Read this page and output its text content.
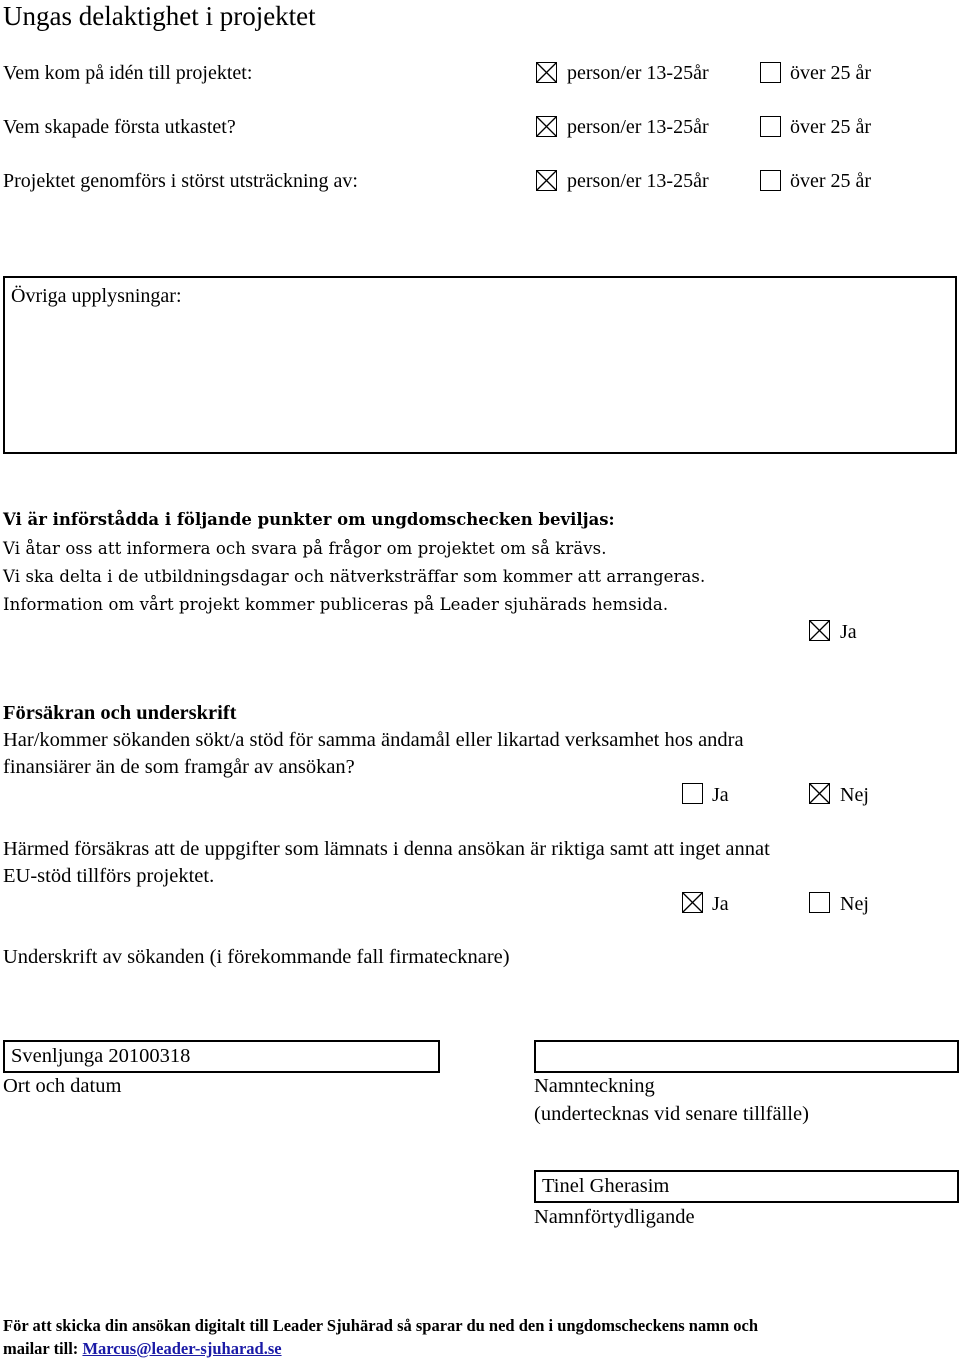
Ungas delaktighet i projektet
Vem kom på idén till projektet:	person/er 13-25år	över 25 år
Vem skapade första utkastet?	person/er 13-25år	över 25 år
Projektet genomförs i störst utsträckning av:	person/er 13-25år	över 25 år
Övriga upplysningar:
Vi är införstådda i följande punkter om ungdomschecken beviljas:
Vi åtar oss att informera och svara på frågor om projektet om så krävs.
Vi ska delta i de utbildningsdagar och nätverksträffar som kommer att arrangeras.
Information om vårt projekt kommer publiceras på Leader sjuhärads hemsida.
Ja
Försäkran och underskrift
Har/kommer sökanden sökt/a stöd för samma ändamål eller likartad verksamhet hos andra
finansiärer än de som framgår av ansökan?
Ja	Nej
Härmed försäkras att de uppgifter som lämnats i denna ansökan är riktiga samt att inget annat
EU-stöd tillförs projektet.
Ja	Nej
Underskrift av sökanden (i förekommande fall firmatecknare)
Svenljunga 20100318
Ort och datum	Namnteckning
(undertecknas vid senare tillfälle)
Tinel Gherasim
Namnförtydligande
För att skicka din ansökan digitalt till Leader Sjuhärad så sparar du ned den i ungdomscheckens namn och
mailar till: Marcus@leader-sjuharad.se
